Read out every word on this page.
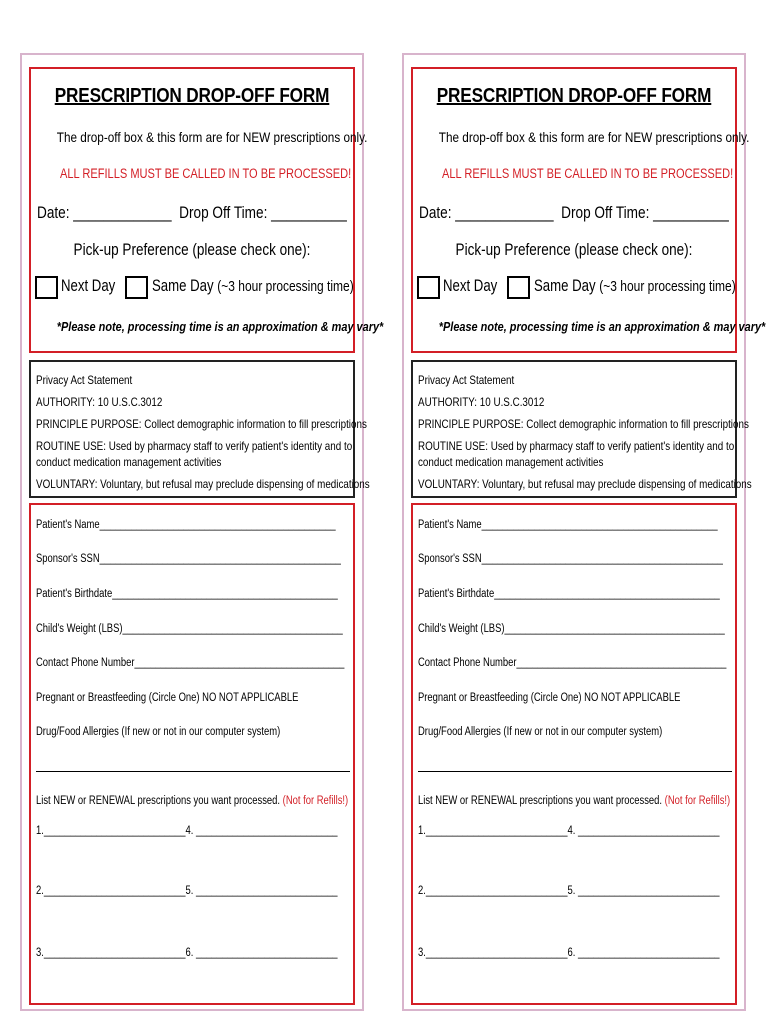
PRESCRIPTION DROP-OFF FORM
The drop-off box & this form are for NEW prescriptions only.
ALL REFILLS MUST BE CALLED IN TO BE PROCESSED!
Date: _____________ Drop Off Time: __________
Pick-up Preference (please check one):
Next Day Same Day (~3 hour processing time)
*Please note, processing time is an approximation & may vary*
Privacy Act Statement
AUTHORITY: 10 U.S.C.3012
PRINCIPLE PURPOSE: Collect demographic information to fill prescriptions
ROUTINE USE: Used by pharmacy staff to verify patient's identity and to
conduct medication management activities
VOLUNTARY: Voluntary, but refusal may preclude dispensing of medications
Patient's Name_____________________________________________
Sponsor's SSN______________________________________________
Patient's Birthdate___________________________________________
Child's Weight (LBS)__________________________________________
Contact Phone Number________________________________________
Pregnant or Breastfeeding (Circle One) NO NOT APPLICABLE
Drug/Food Allergies (If new or not in our computer system)
List NEW or RENEWAL prescriptions you want processed. (Not for Refills!)
1.___________________________4. ___________________________
2.___________________________5. ___________________________
3.___________________________6. ___________________________
PRESCRIPTION DROP-OFF FORM
The drop-off box & this form are for NEW prescriptions only.
ALL REFILLS MUST BE CALLED IN TO BE PROCESSED!
Date: _____________ Drop Off Time: __________
Pick-up Preference (please check one):
Next Day Same Day (~3 hour processing time)
*Please note, processing time is an approximation & may vary*
Privacy Act Statement
AUTHORITY: 10 U.S.C.3012
PRINCIPLE PURPOSE: Collect demographic information to fill prescriptions
ROUTINE USE: Used by pharmacy staff to verify patient's identity and to
conduct medication management activities
VOLUNTARY: Voluntary, but refusal may preclude dispensing of medications
Patient's Name_____________________________________________
Sponsor's SSN______________________________________________
Patient's Birthdate___________________________________________
Child's Weight (LBS)__________________________________________
Contact Phone Number________________________________________
Pregnant or Breastfeeding (Circle One) NO NOT APPLICABLE
Drug/Food Allergies (If new or not in our computer system)
List NEW or RENEWAL prescriptions you want processed. (Not for Refills!)
1.___________________________4. ___________________________
2.___________________________5. ___________________________
3.___________________________6. ___________________________
